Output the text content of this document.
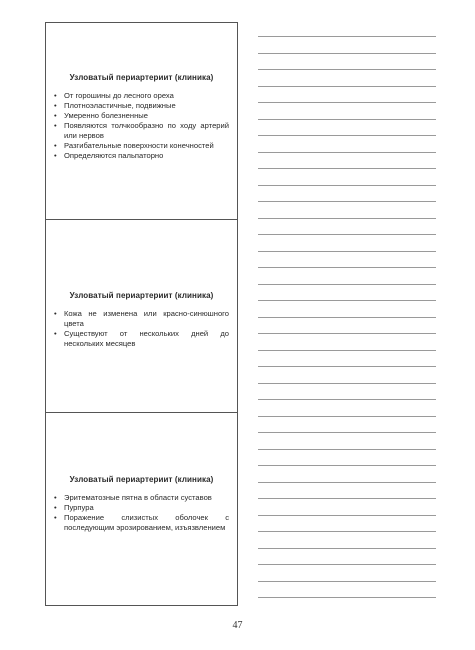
Узловатый периартериит (клиника)
• От горошины до лесного ореха
• Плотноэластичные, подвижные
• Умеренно болезненные
• Появляются толчкообразно по ходу артерий или нервов
• Разгибательные поверхности конечностей
• Определяются пальпаторно
Узловатый периартериит (клиника)
• Кожа не изменена или красно-синюшного цвета
• Существуют от нескольких дней до нескольких месяцев
Узловатый периартериит (клиника)
• Эритематозные пятна в области суставов
• Пурпура
• Поражение слизистых оболочек с последующим эрозированием, изъязвлением
47
